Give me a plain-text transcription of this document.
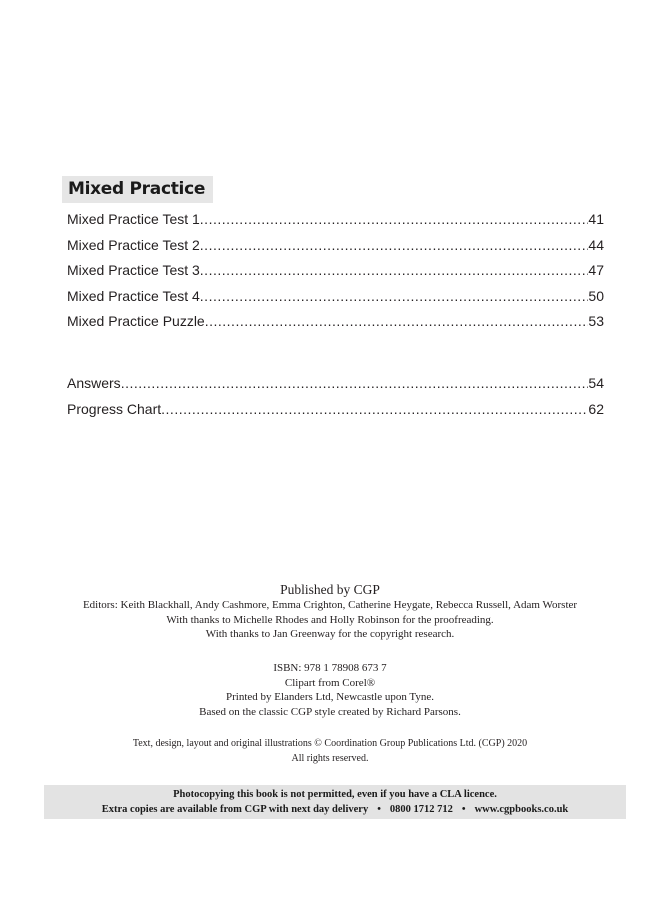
Mixed Practice
Mixed Practice Test 1 .....	41
Mixed Practice Test 2 .....	44
Mixed Practice Test 3 .....	47
Mixed Practice Test 4 .....	50
Mixed Practice Puzzle .....	53
Answers .....	54
Progress Chart .....	62
Published by CGP
Editors: Keith Blackhall, Andy Cashmore, Emma Crighton, Catherine Heygate, Rebecca Russell, Adam Worster
With thanks to Michelle Rhodes and Holly Robinson for the proofreading.
With thanks to Jan Greenway for the copyright research.
ISBN: 978 1 78908 673 7
Clipart from Corel®
Printed by Elanders Ltd, Newcastle upon Tyne.
Based on the classic CGP style created by Richard Parsons.
Text, design, layout and original illustrations © Coordination Group Publications Ltd. (CGP) 2020
All rights reserved.
Photocopying this book is not permitted, even if you have a CLA licence.
Extra copies are available from CGP with next day delivery • 0800 1712 712 • www.cgpbooks.co.uk
